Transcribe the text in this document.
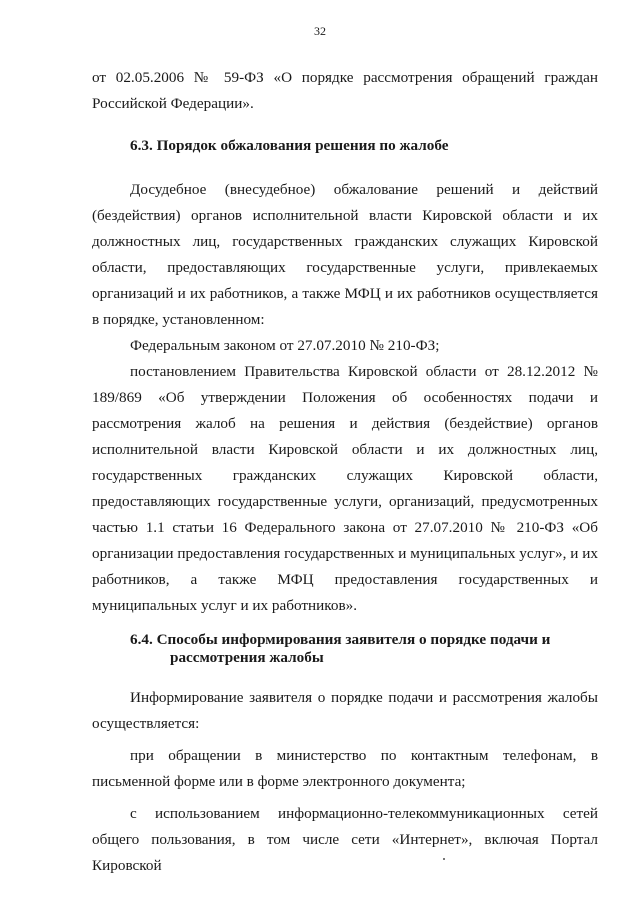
32

от 02.05.2006 № 59-ФЗ «О порядке рассмотрения обращений граждан Российской Федерации».

6.3. Порядок обжалования решения по жалобе

Досудебное (внесудебное) обжалование решений и действий (бездействия) органов исполнительной власти Кировской области и их должностных лиц, государственных гражданских служащих Кировской области, предоставляющих государственные услуги, привлекаемых организаций и их работников, а также МФЦ и их работников осуществляется в порядке, установленном:

Федеральным законом от 27.07.2010 № 210-ФЗ;

постановлением Правительства Кировской области от 28.12.2012 № 189/869 «Об утверждении Положения об особенностях подачи и рассмотрения жалоб на решения и действия (бездействие) органов исполнительной власти Кировской области и их должностных лиц, государственных гражданских служащих Кировской области, предоставляющих государственные услуги, организаций, предусмотренных частью 1.1 статьи 16 Федерального закона от 27.07.2010 № 210-ФЗ «Об организации предоставления государственных и муниципальных услуг», и их работников, а также МФЦ предоставления государственных и муниципальных услуг и их работников».

6.4. Способы информирования заявителя о порядке подачи и рассмотрения жалобы

Информирование заявителя о порядке подачи и рассмотрения жалобы осуществляется:

при обращении в министерство по контактным телефонам, в письменной форме или в форме электронного документа;

с использованием информационно-телекоммуникационных сетей общего пользования, в том числе сети «Интернет», включая Портал Кировской
